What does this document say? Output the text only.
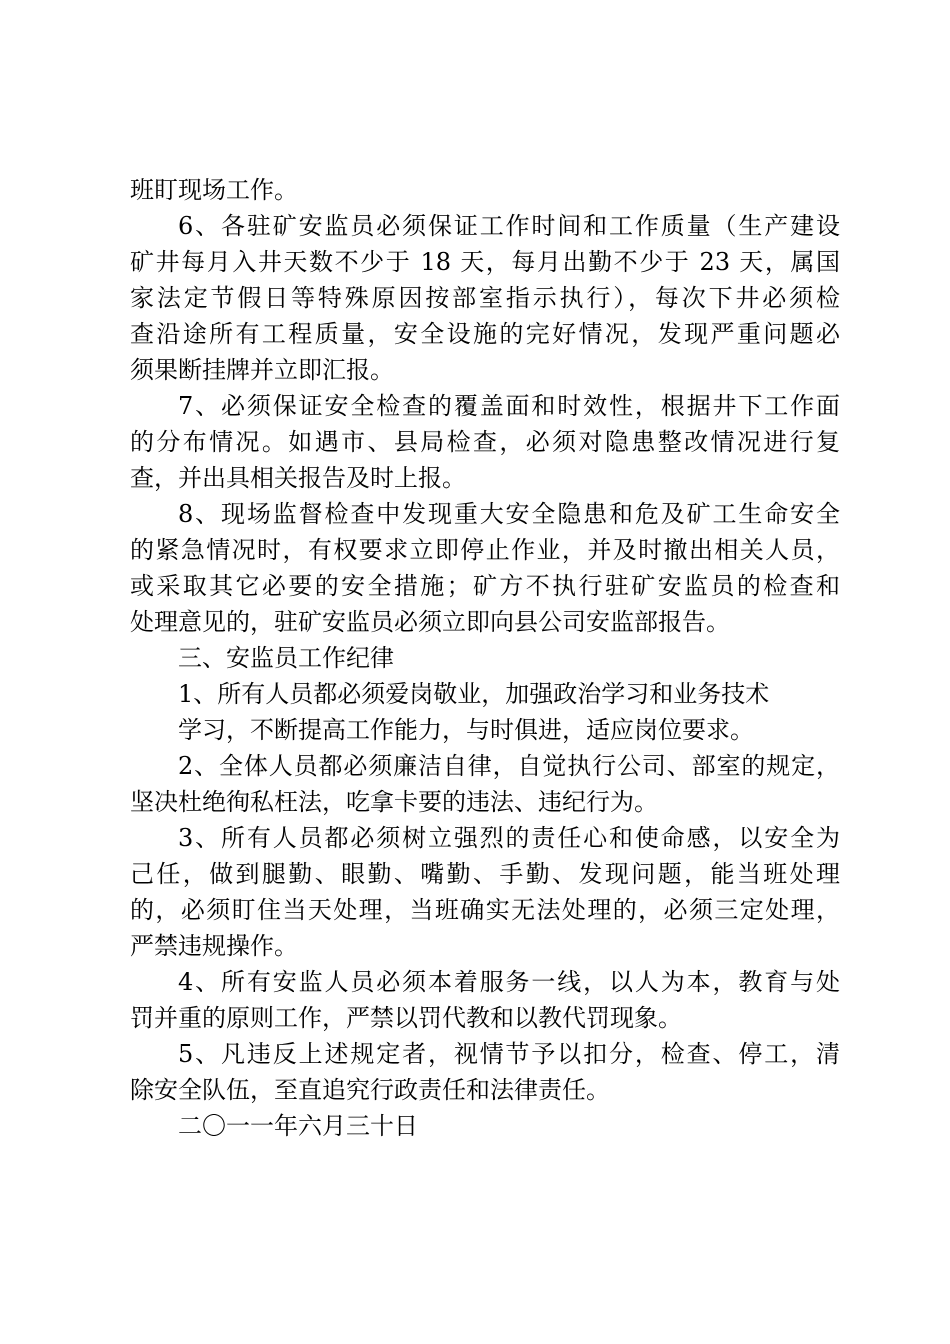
班盯现场工作。
6、各驻矿安监员必须保证工作时间和工作质量（生产建设
矿井每月入井天数不少于 18 天，每月出勤不少于 23 天，属国
家法定节假日等特殊原因按部室指示执行），每次下井必须检
查沿途所有工程质量，安全设施的完好情况，发现严重问题必
须果断挂牌并立即汇报。
7、必须保证安全检查的覆盖面和时效性，根据井下工作面
的分布情况。如遇市、县局检查，必须对隐患整改情况进行复
查，并出具相关报告及时上报。
8、现场监督检查中发现重大安全隐患和危及矿工生命安全
的紧急情况时，有权要求立即停止作业，并及时撤出相关人员，
或采取其它必要的安全措施；矿方不执行驻矿安监员的检查和
处理意见的，驻矿安监员必须立即向县公司安监部报告。
三、安监员工作纪律
1、所有人员都必须爱岗敬业，加强政治学习和业务技术
学习，不断提高工作能力，与时俱进，适应岗位要求。
2、全体人员都必须廉洁自律，自觉执行公司、部室的规定，
坚决杜绝徇私枉法，吃拿卡要的违法、违纪行为。
3、所有人员都必须树立强烈的责任心和使命感，以安全为
己任，做到腿勤、眼勤、嘴勤、手勤、发现问题，能当班处理
的，必须盯住当天处理，当班确实无法处理的，必须三定处理，
严禁违规操作。
4、所有安监人员必须本着服务一线，以人为本，教育与处
罚并重的原则工作，严禁以罚代教和以教代罚现象。
5、凡违反上述规定者，视情节予以扣分，检查、停工，清
除安全队伍，至直追究行政责任和法律责任。
二〇一一年六月三十日
